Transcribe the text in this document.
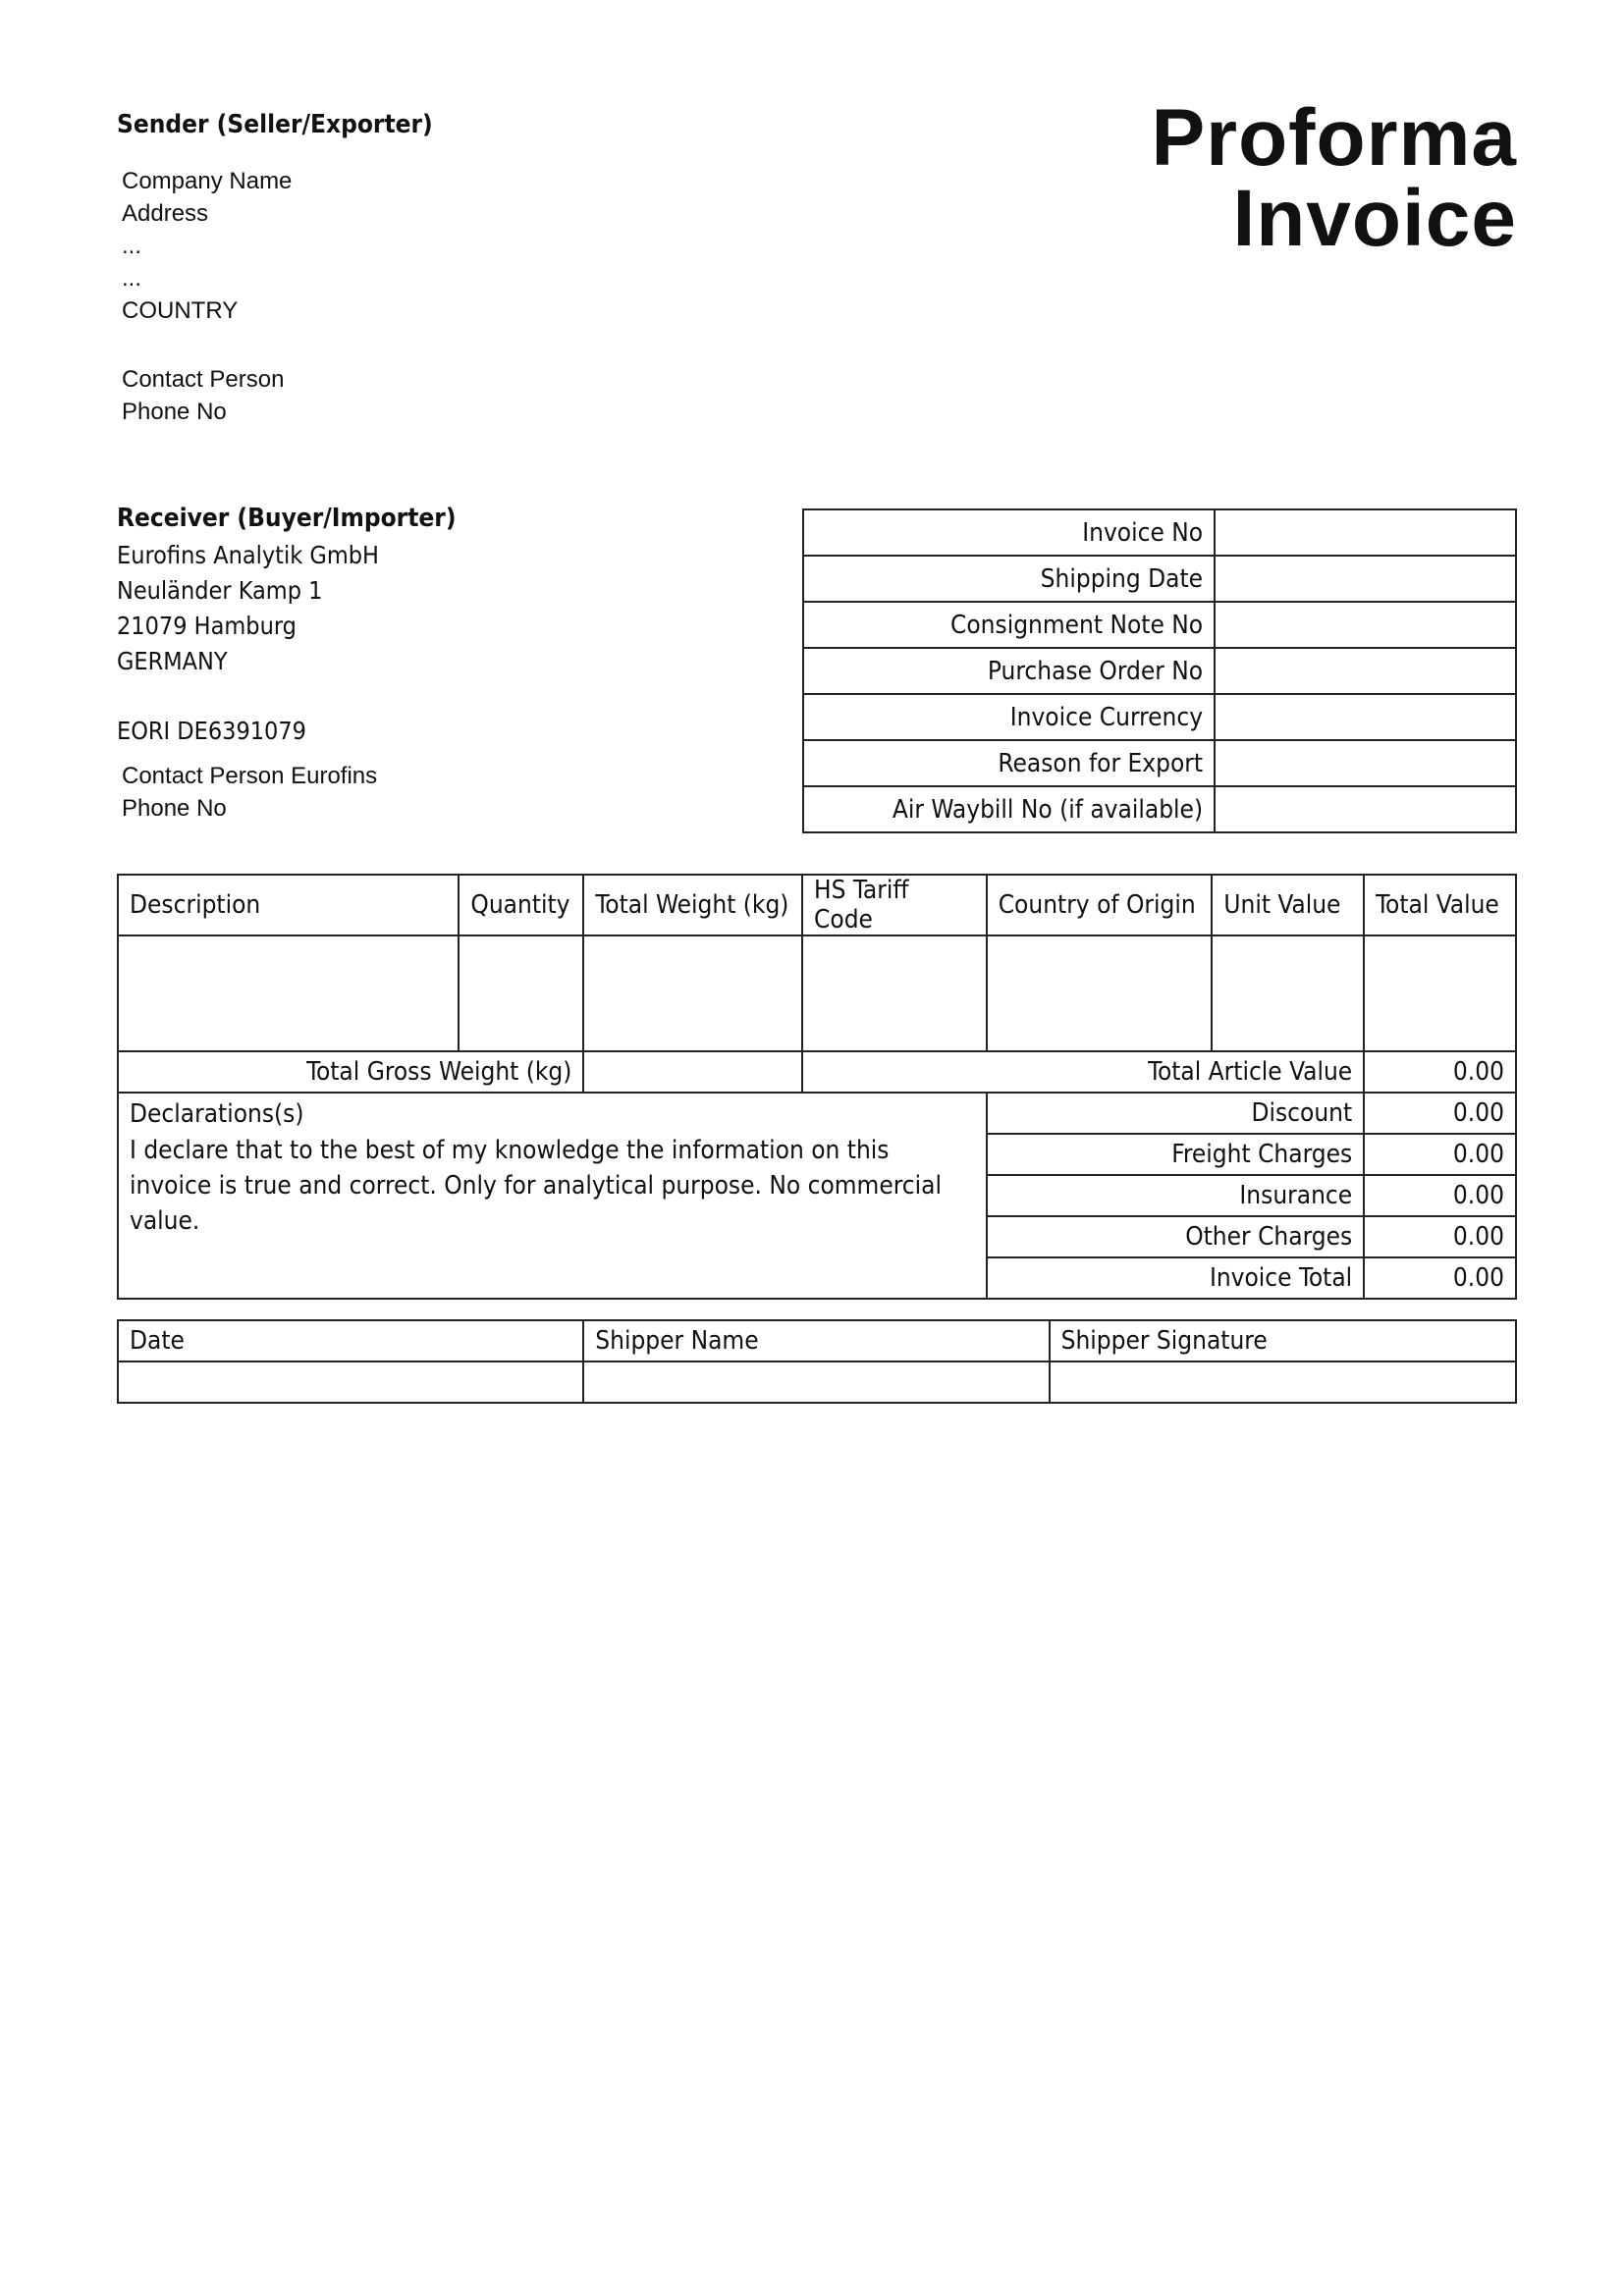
Proforma Invoice
Sender (Seller/Exporter)
Company Name
Address
...
...
COUNTRY
Contact Person
Phone No
Receiver (Buyer/Importer)
Eurofins Analytik GmbH
Neuländer Kamp 1
21079 Hamburg
GERMANY
EORI DE6391079
Contact Person Eurofins
Phone No
Invoice No	
Shipping Date	
Consignment Note No	
Purchase Order No	
Invoice Currency	
Reason for Export	
Air Waybill No (if available)	
Description	Quantity	Total Weight (kg)	HS Tariff Code	Country of Origin	Unit Value	Total Value

Total Gross Weight (kg)			Total Article Value			0.00

Declarations(s)
I declare that to the best of my knowledge the information on this invoice is true and correct. Only for analytical purpose. No commercial value.				Discount		0.00
				Freight Charges		0.00
				Insurance		0.00
				Other Charges		0.00
				Invoice Total		0.00
Date	Shipper Name	Shipper Signature
